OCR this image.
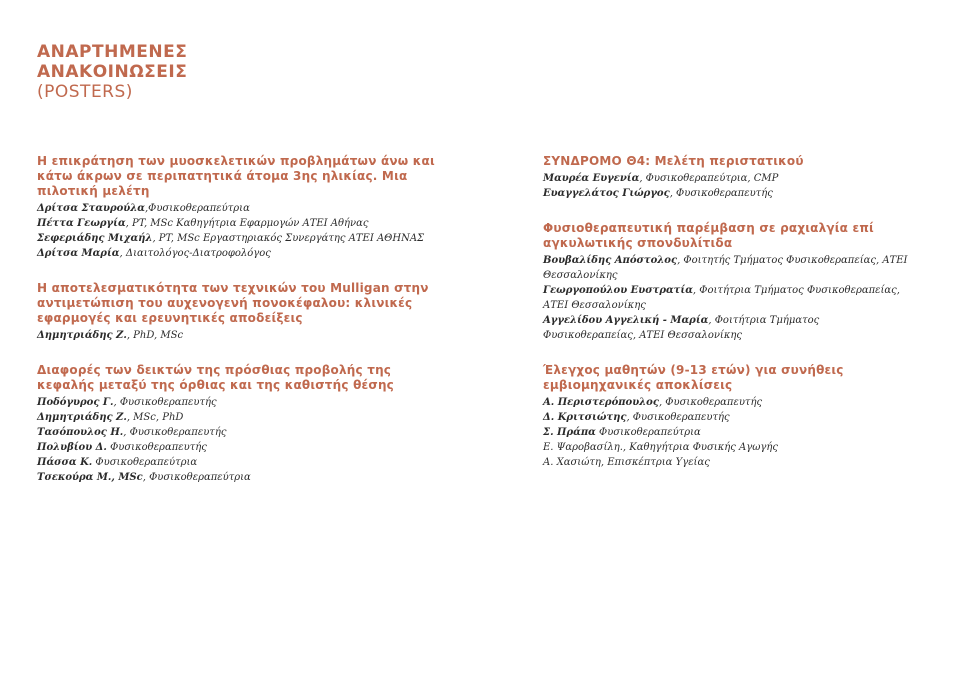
ΑΝΑΡΤΗΜΕΝΕΣ
ΑΝΑΚΟΙΝΩΣΕΙΣ
(POSTERS)
Η επικράτηση των μυοσκελετικών προβλημάτων άνω και κάτω άκρων σε περιπατητικά άτομα 3ης ηλικίας. Μια πιλοτική μελέτη
Δρίτσα Σταυρούλα,Φυσικοθεραπεύτρια
Πέττα Γεωργία, PT, MSc Καθηγήτρια Εφαρμογών ΑΤΕΙ Αθήνας
Σεφεριάδης Μιχαήλ, PT, MSc Εργαστηριακός Συνεργάτης ΑΤΕΙ ΑΘΗΝΑΣ
Δρίτσα Μαρία, Διαιτολόγος-Διατροφολόγος
Η αποτελεσματικότητα των τεχνικών του Mulligan στην αντιμετώπιση του αυχενογενή πονοκέφαλου: κλινικές εφαρμογές και ερευνητικές αποδείξεις
Δημητριάδης Ζ., PhD, MSc
Διαφορές των δεικτών της πρόσθιας προβολής της κεφαλής μεταξύ της όρθιας και της καθιστής θέσης
Ποδόγυρος Γ., Φυσικοθεραπευτής
Δημητριάδης Ζ., MSc, PhD
Τασόπουλος Η., Φυσικοθεραπευτής
Πολυβίου Δ. Φυσικοθεραπευτής
Πάσσα Κ. Φυσικοθεραπεύτρια
Τσεκούρα Μ., MSc, Φυσικοθεραπεύτρια
ΣΥΝΔΡΟΜΟ Θ4: Μελέτη περιστατικού
Μαυρέα Ευγενία, Φυσικοθεραπεύτρια, CMP
Ευαγγελάτος Γιώργος, Φυσικοθεραπευτής
Φυσιοθεραπευτική παρέμβαση σε ραχιαλγία επί αγκυλωτικής σπονδυλίτιδα
Βουβαλίδης Απόστολος, Φοιτητής Τμήματος Φυσικοθεραπείας, ΑΤΕΙ Θεσσαλονίκης
Γεωργοπούλου Ευστρατία, Φοιτήτρια Τμήματος Φυσικοθεραπείας, ΑΤΕΙ Θεσσαλονίκης
Αγγελίδου Αγγελική - Μαρία, Φοιτήτρια Τμήματος Φυσικοθεραπείας, ΑΤΕΙ Θεσσαλονίκης
Έλεγχος μαθητών (9-13 ετών) για συνήθεις εμβιομηχανικές αποκλίσεις
Α. Περιστερόπουλος, Φυσικοθεραπευτής
Δ. Κριτσιώτης, Φυσικοθεραπευτής
Σ. Πράπα Φυσικοθεραπεύτρια
Ε. Ψαροβασίλη., Καθηγήτρια Φυσικής Αγωγής
Α. Χασιώτη, Επισκέπτρια Υγείας
